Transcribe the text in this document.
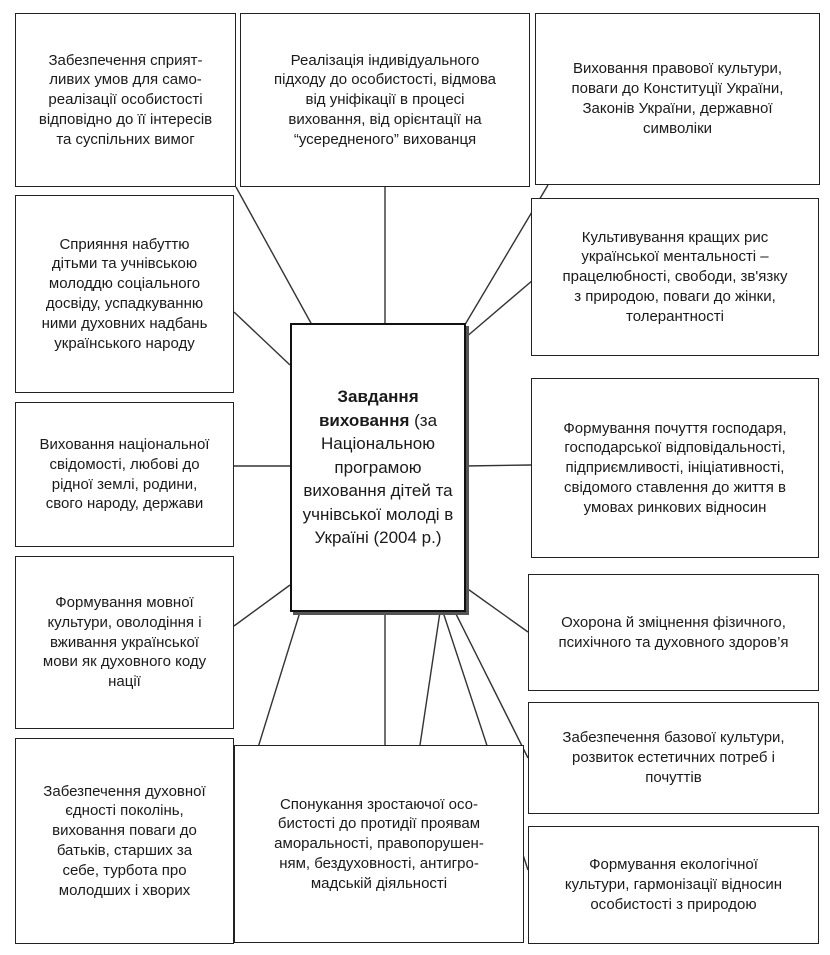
Завдання
виховання (за
Національною
програмою
виховання дітей та
учнівської молоді в
Україні (2004 р.)
Забезпечення сприят-
ливих умов для само-
реалізації особистості
відповідно до її інтересів
та суспільних вимог
Реалізація індивідуального
підходу до особистості, відмова
від уніфікації в процесі
виховання, від орієнтації на
“усередненого” вихованця
Виховання правової культури,
поваги до Конституції України,
Законів України, державної
символіки
Сприяння набуттю
дітьми та учнівською
молоддю соціального
досвіду, успадкуванню
ними духовних надбань
українського народу
Виховання національної
свідомості, любові до
рідної землі, родини,
свого народу, держави
Формування мовної
культури, оволодіння і
вживання української
мови як духовного коду
нації
Забезпечення духовної
єдності поколінь,
виховання поваги до
батьків, старших за
себе, турбота про
молодших і хворих
Спонукання зростаючої осо-
бистості до протидії проявам
аморальності, правопорушен-
ням, бездуховності, антигро-
мадській діяльності
Культивування кращих рис
української ментальності –
працелюбності, свободи, зв'язку
з природою, поваги до жінки,
толерантності
Формування почуття господаря,
господарської відповідальності,
підприємливості, ініціативності,
свідомого ставлення до життя в
умовах ринкових відносин
Охорона й зміцнення фізичного,
психічного та духовного здоров’я
Забезпечення базової культури,
розвиток естетичних потреб і
почуттів
Формування екологічної
культури, гармонізації відносин
особистості з природою
